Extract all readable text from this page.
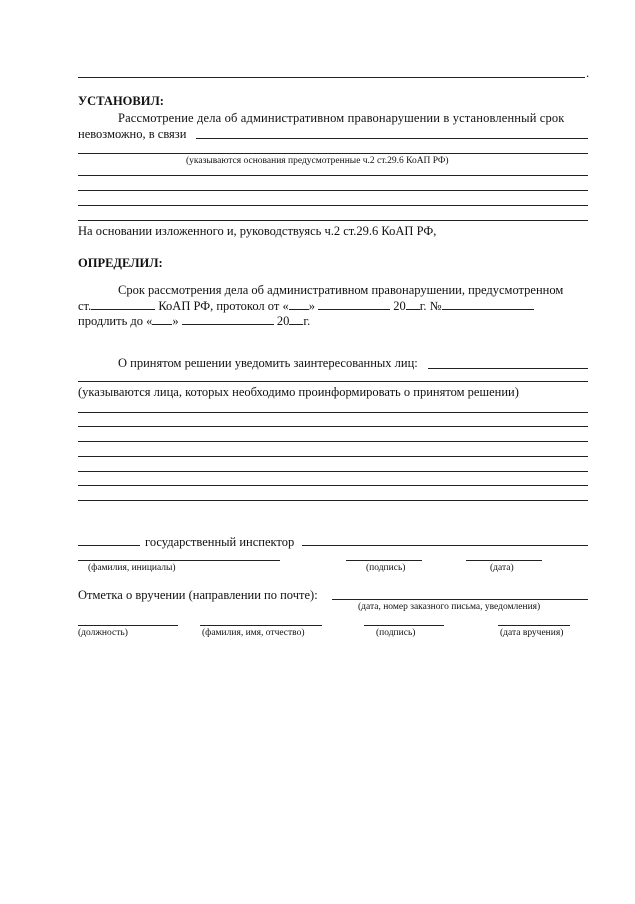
.
УСТАНОВИЛ:
Рассмотрение дела об административном правонарушении в установленный срок
невозможно, в связи
(указываются основания предусмотренные ч.2 ст.29.6 КоАП РФ)
На основании изложенного и, руководствуясь ч.2 ст.29.6 КоАП РФ,
ОПРЕДЕЛИЛ:
Срок рассмотрения дела об административном правонарушении, предусмотренном
ст.	КоАП РФ, протокол от « »	20 г. №
продлить до « »	20 г.
О принятом решении уведомить заинтересованных лиц:
(указываются лица, которых необходимо проинформировать о принятом решении)
государственный инспектор
(фамилия, инициалы)	(подпись)	(дата)
Отметка о вручении (направлении по почте):
(дата, номер заказного письма, уведомления)
(должность)	(фамилия, имя, отчество)	(подпись)	(дата вручения)
